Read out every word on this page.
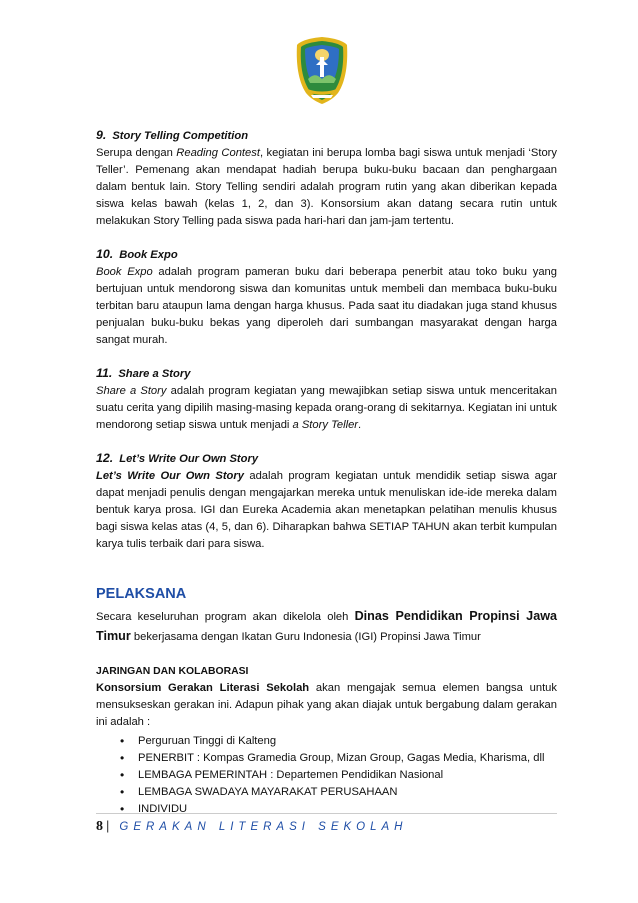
9. Story Telling Competition

Serupa dengan Reading Contest, kegiatan ini berupa lomba bagi siswa untuk menjadi ‘Story Teller’. Pemenang akan mendapat hadiah berupa buku-buku bacaan dan penghargaan dalam bentuk lain. Story Telling sendiri adalah program rutin yang akan diberikan kepada siswa kelas bawah (kelas 1, 2, dan 3). Konsorsium akan datang secara rutin untuk melakukan Story Telling pada siswa pada hari-hari dan jam-jam tertentu.

10. Book Expo

Book Expo adalah program pameran buku dari beberapa penerbit atau toko buku yang bertujuan untuk mendorong siswa dan komunitas untuk membeli dan membaca buku-buku terbitan baru ataupun lama dengan harga khusus. Pada saat itu diadakan juga stand khusus penjualan buku-buku bekas yang diperoleh dari sumbangan masyarakat dengan harga sangat murah.

11. Share a Story

Share a Story adalah program kegiatan yang mewajibkan setiap siswa untuk menceritakan suatu cerita yang dipilih masing-masing kepada orang-orang di sekitarnya. Kegiatan ini untuk mendorong setiap siswa untuk menjadi a Story Teller.

12. Let’s Write Our Own Story

Let’s Write Our Own Story adalah program kegiatan untuk mendidik setiap siswa agar dapat menjadi penulis dengan mengajarkan mereka untuk menuliskan ide-ide mereka dalam bentuk karya prosa. IGI dan Eureka Academia akan menetapkan pelatihan menulis khusus bagi siswa kelas atas (4, 5, dan 6). Diharapkan bahwa SETIAP TAHUN akan terbit kumpulan karya tulis terbaik dari para siswa.

PELAKSANA

Secara keseluruhan program akan dikelola oleh Dinas Pendidikan Propinsi Jawa Timur bekerjasama dengan Ikatan Guru Indonesia (IGI) Propinsi Jawa Timur

JARINGAN DAN KOLABORASI

Konsorsium Gerakan Literasi Sekolah akan mengajak semua elemen bangsa untuk mensukseskan gerakan ini. Adapun pihak yang akan diajak untuk bergabung dalam gerakan ini adalah :

• Perguruan Tinggi di Kalteng
• PENERBIT : Kompas Gramedia Group, Mizan Group, Gagas Media, Kharisma, dll
• LEMBAGA PEMERINTAH : Departemen Pendidikan Nasional
• LEMBAGA SWADAYA MAYARAKAT PERUSAHAAN
• INDIVIDU
8 | GERAKAN LITERASI SEKOLAH
